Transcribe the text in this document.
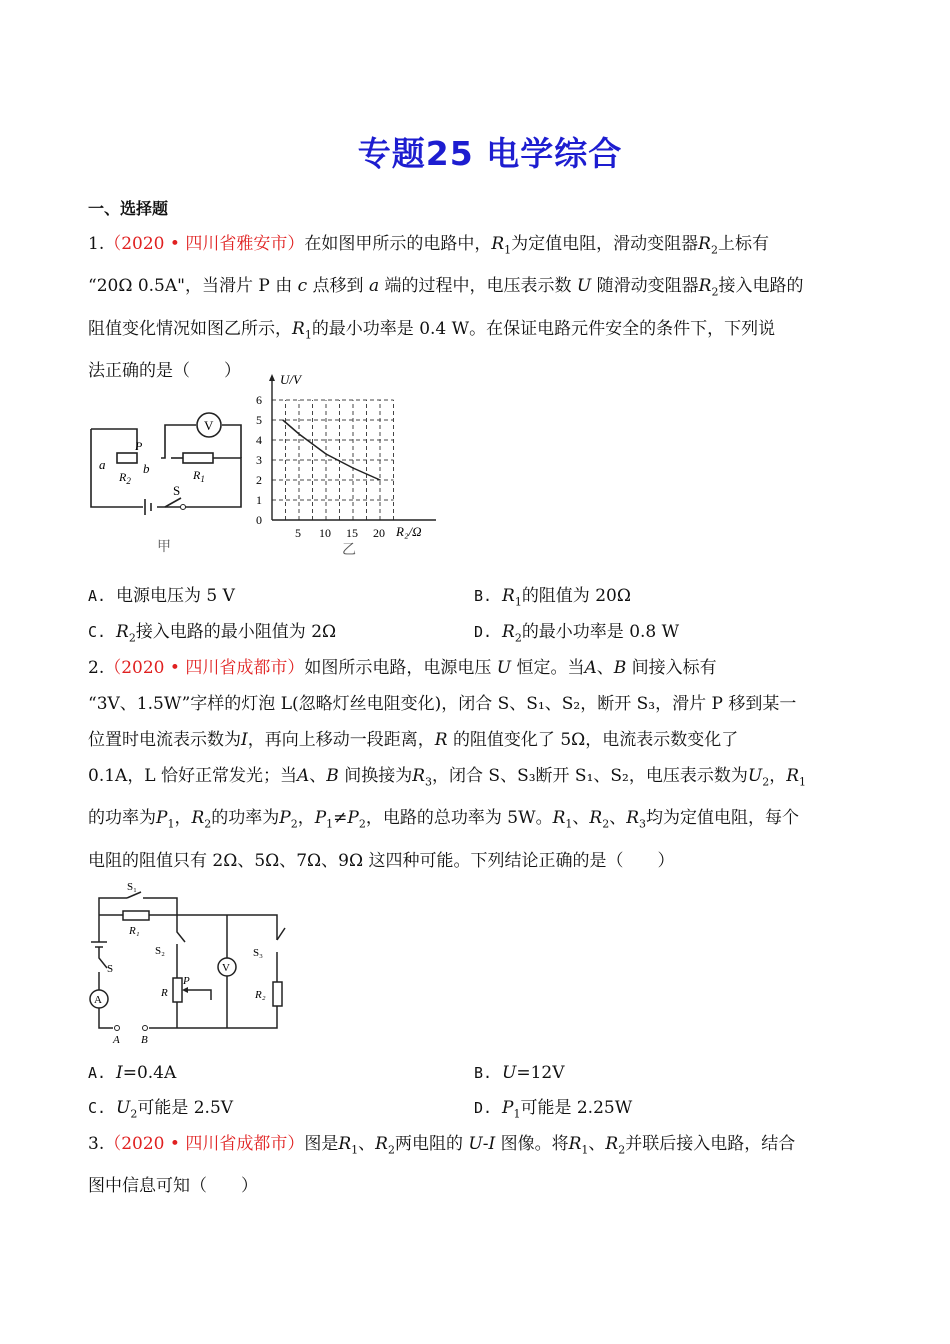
专题25 电学综合
一、选择题
1.（2020 • 四川省雅安市）在如图甲所示的电路中，$R_1$为定值电阻，滑动变阻器$R_2$上标有
“20Ω 0.5A"，当滑片 P 由 c 点移到 a 端的过程中，电压表示数 U 随滑动变阻器$R_2$接入电路的
阻值变化情况如图乙所示，$R_1$的最小功率是 0.4 W。在保证电路元件安全的条件下，下列说
法正确的是（　　）
V
P
a	b
$R_2$	$R_1$
S
甲
0
1
2
3
4
5
6
5 10 15 20
U/V
R₂/Ω
乙
A. 电源电压为 5 V	B. $R_1$的阻值为 20Ω
C. $R_2$接入电路的最小阻值为 2Ω	D. $R_2$的最小功率是 0.8 W
2.（2020 • 四川省成都市）如图所示电路，电源电压 U 恒定。当A、B 间接入标有
“3V、1.5W”字样的灯泡 L(忽略灯丝电阻变化)，闭合 S、S₁、S₂，断开 S₃，滑片 P 移到某一
位置时电流表示数为I，再向上移动一段距离，R 的阻值变化了 5Ω，电流表示数变化了
0.1A，L 恰好正常发光；当A、B 间换接为$R_3$，闭合 S、S₃断开 S₁、S₂，电压表示数为$U_2$，$R_1$
的功率为$P_1$，$R_2$的功率为$P_2$，$P_1\ne P_2$，电路的总功率为 5W。$R_1$、$R_2$、$R_3$均为定值电阻，每个
电阻的阻值只有 2Ω、5Ω、7Ω、9Ω 这四种可能。下列结论正确的是（　　）
S₁
R₁
S₂
S
A
V
R
P
S₃
R₂
A B
A. I=0.4A	B. U=12V
C. $U_2$可能是 2.5V	D. $P_1$可能是 2.25W
3.（2020 • 四川省成都市）图是$R_1$、$R_2$两电阻的 U-I 图像。将$R_1$、$R_2$并联后接入电路，结合
图中信息可知（　　）
